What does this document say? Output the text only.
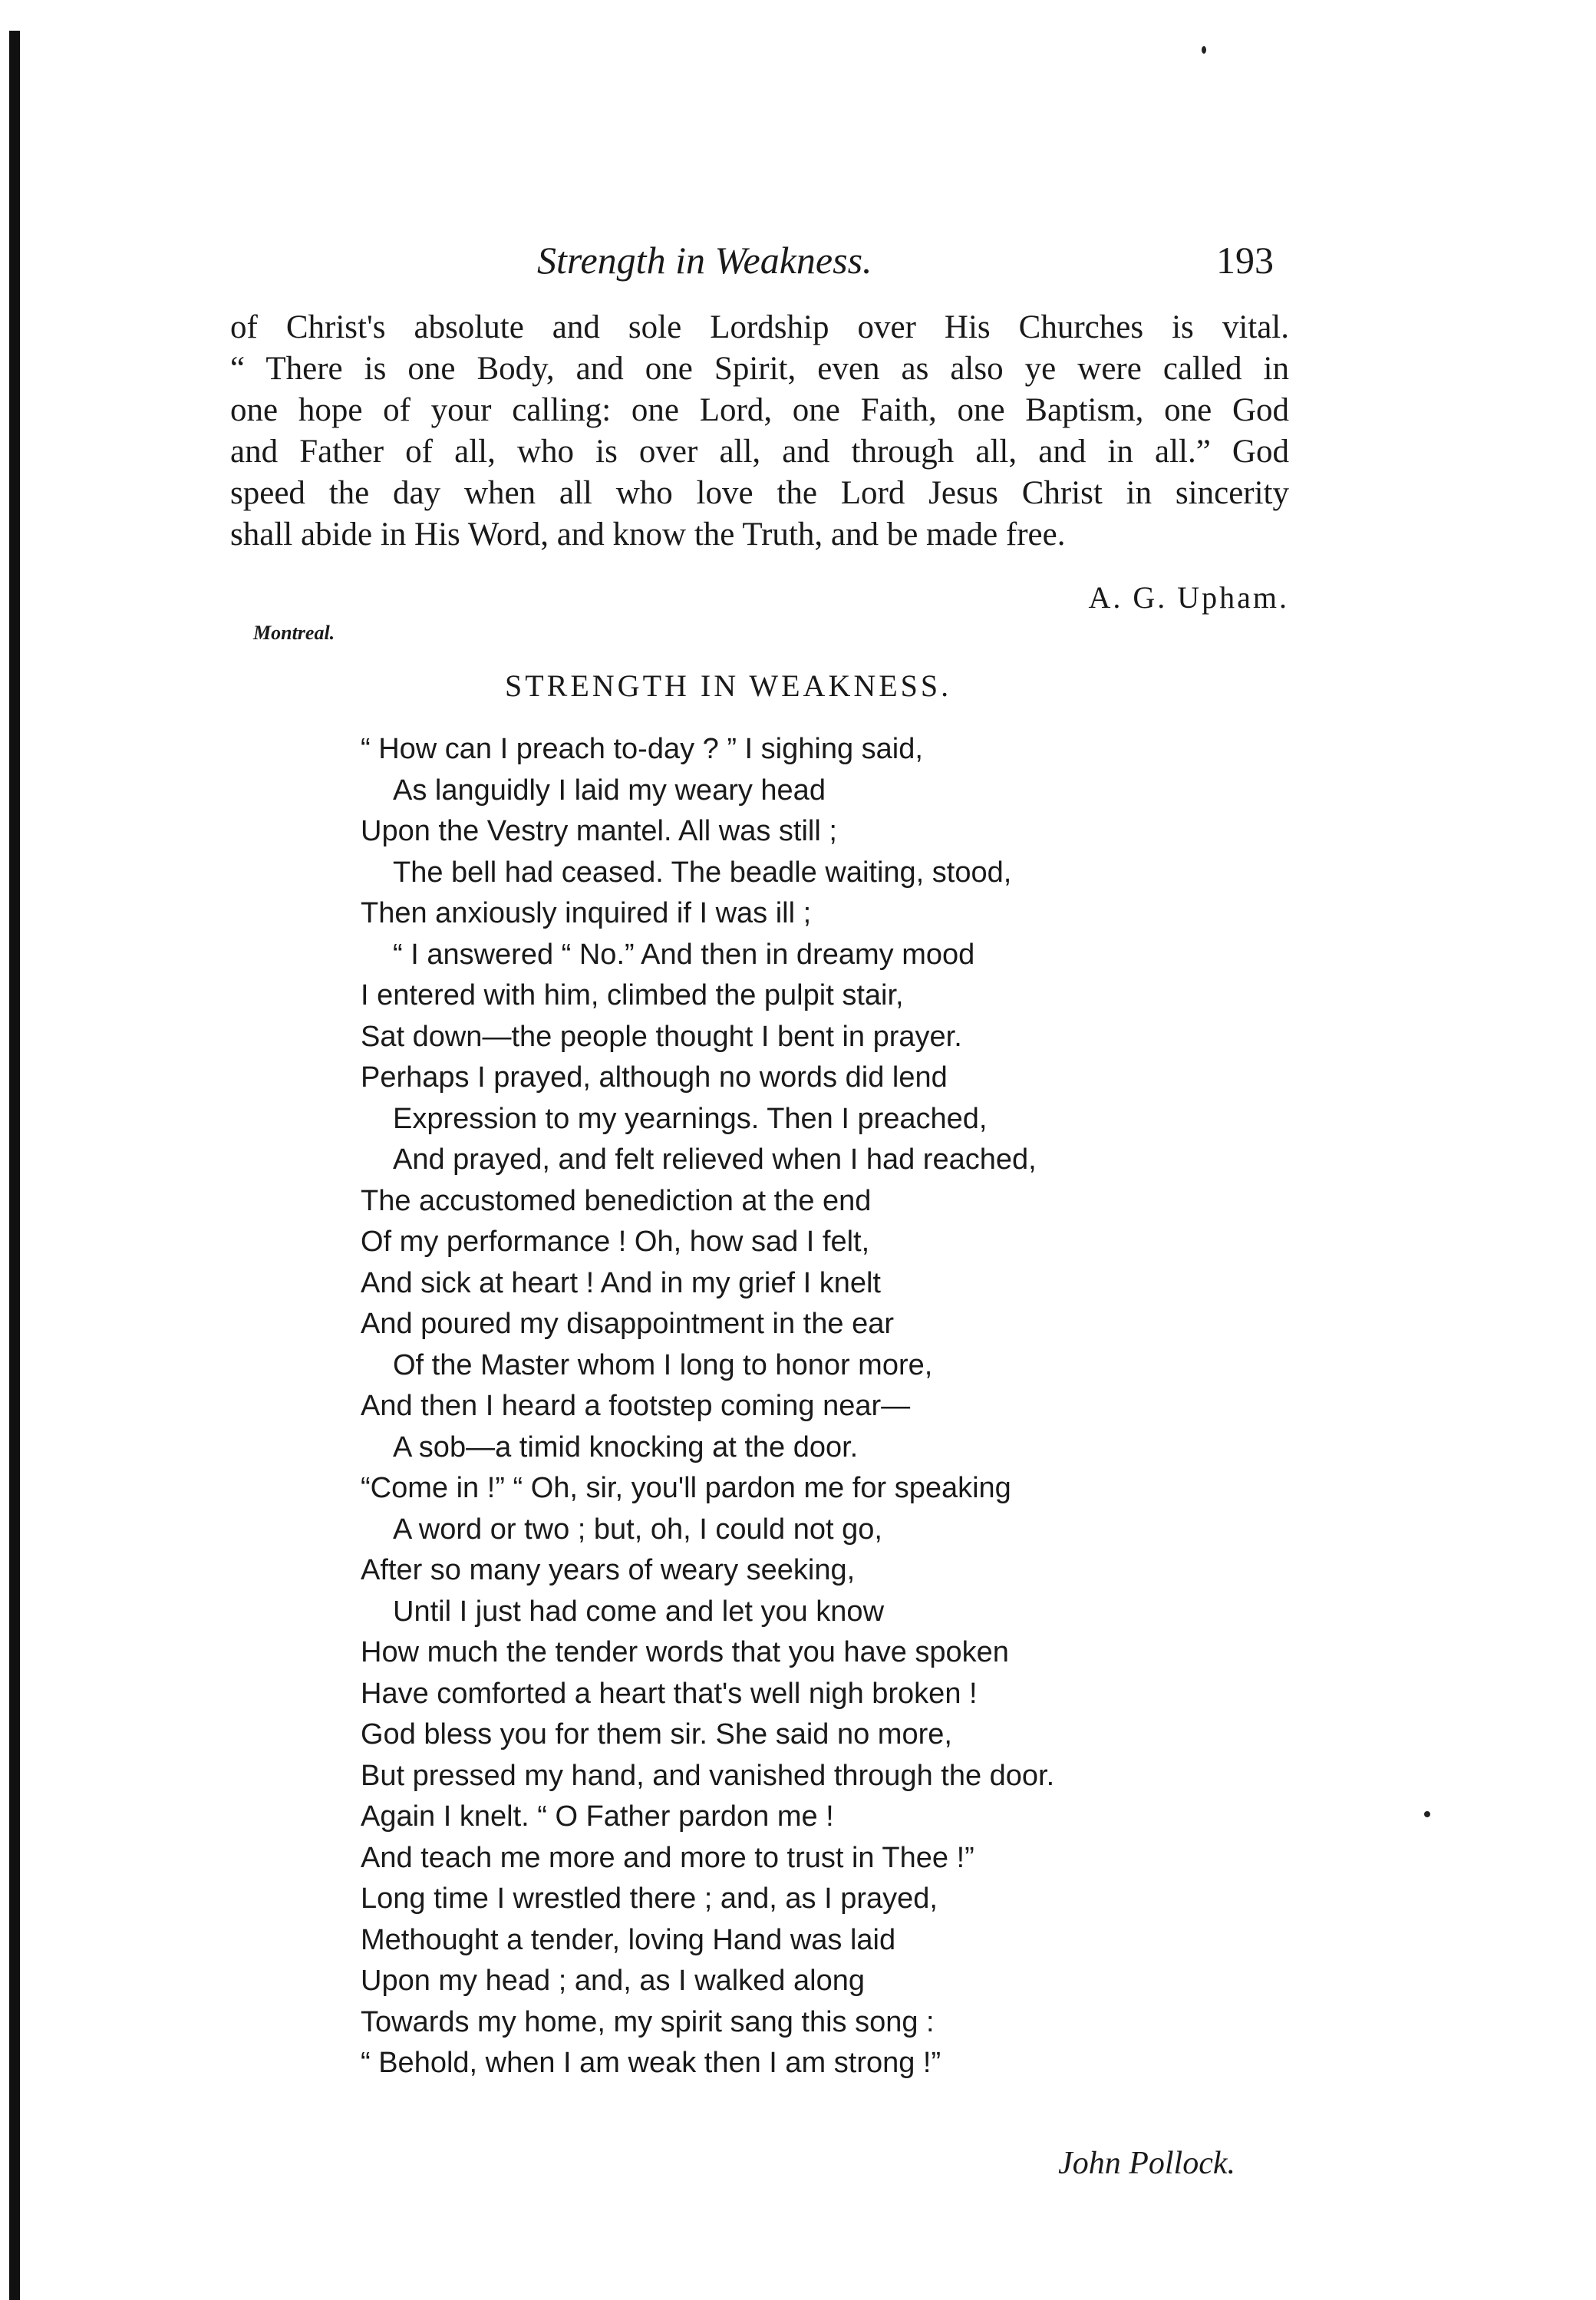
Strength in Weakness.	193
of Christ's absolute and sole Lordship over His Churches is vital.
“ There is one Body, and one Spirit, even as also ye were called in
one hope of your calling: one Lord, one Faith, one Baptism, one God
and Father of all, who is over all, and through all, and in all.” God
speed the day when all who love the Lord Jesus Christ in sincerity
shall abide in His Word, and know the Truth, and be made free.
A. G. Upham.
Montreal.
STRENGTH IN WEAKNESS.
“ How can I preach to-day ? ” I sighing said,
As languidly I laid my weary head
Upon the Vestry mantel. All was still ;
The bell had ceased. The beadle waiting, stood,
Then anxiously inquired if I was ill ;
“ I answered “ No.” And then in dreamy mood
I entered with him, climbed the pulpit stair,
Sat down—the people thought I bent in prayer.
Perhaps I prayed, although no words did lend
Expression to my yearnings. Then I preached,
And prayed, and felt relieved when I had reached,
The accustomed benediction at the end
Of my performance ! Oh, how sad I felt,
And sick at heart ! And in my grief I knelt
And poured my disappointment in the ear
Of the Master whom I long to honor more,
And then I heard a footstep coming near—
A sob—a timid knocking at the door.
“Come in !” “ Oh, sir, you'll pardon me for speaking
A word or two ; but, oh, I could not go,
After so many years of weary seeking,
Until I just had come and let you know
How much the tender words that you have spoken
Have comforted a heart that's well nigh broken !
God bless you for them sir. She said no more,
But pressed my hand, and vanished through the door.
Again I knelt. “ O Father pardon me !
And teach me more and more to trust in Thee !”
Long time I wrestled there ; and, as I prayed,
Methought a tender, loving Hand was laid
Upon my head ; and, as I walked along
Towards my home, my spirit sang this song :
“ Behold, when I am weak then I am strong !”
John Pollock.
